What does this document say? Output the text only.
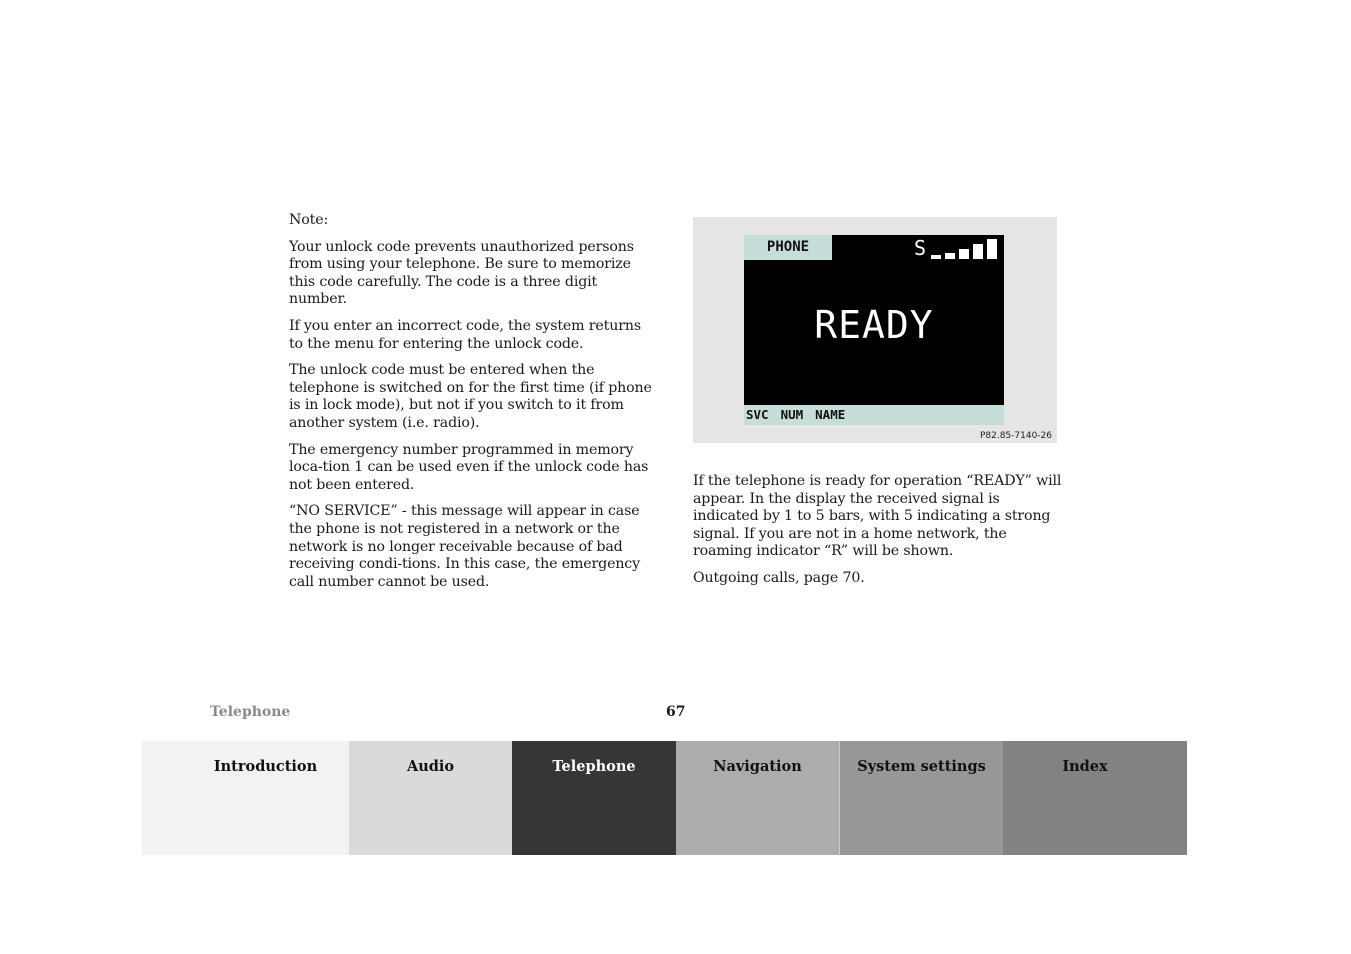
Note:

Your unlock code prevents unauthorized persons from using your telephone. Be sure to memorize this code carefully. The code is a three digit number.

If you enter an incorrect code, the system returns to the menu for entering the unlock code.

The unlock code must be entered when the telephone is switched on for the first time (if phone is in lock mode), but not if you switch to it from another system (i.e. radio).

The emergency number programmed in memory loca-tion 1 can be used even if the unlock code has not been entered.

“NO SERVICE” - this message will appear in case the phone is not registered in a network or the network is no longer receivable because of bad receiving condi-tions. In this case, the emergency call number cannot be used.

PHONE	S
READY
SVC NUM NAME
P82.85-7140-26

If the telephone is ready for operation “READY” will appear. In the display the received signal is indicated by 1 to 5 bars, with 5 indicating a strong signal. If you are not in a home network, the roaming indicator “R” will be shown.

Outgoing calls, page 70.

Telephone	67
Introduction	Audio	Telephone	Navigation	System settings	Index
